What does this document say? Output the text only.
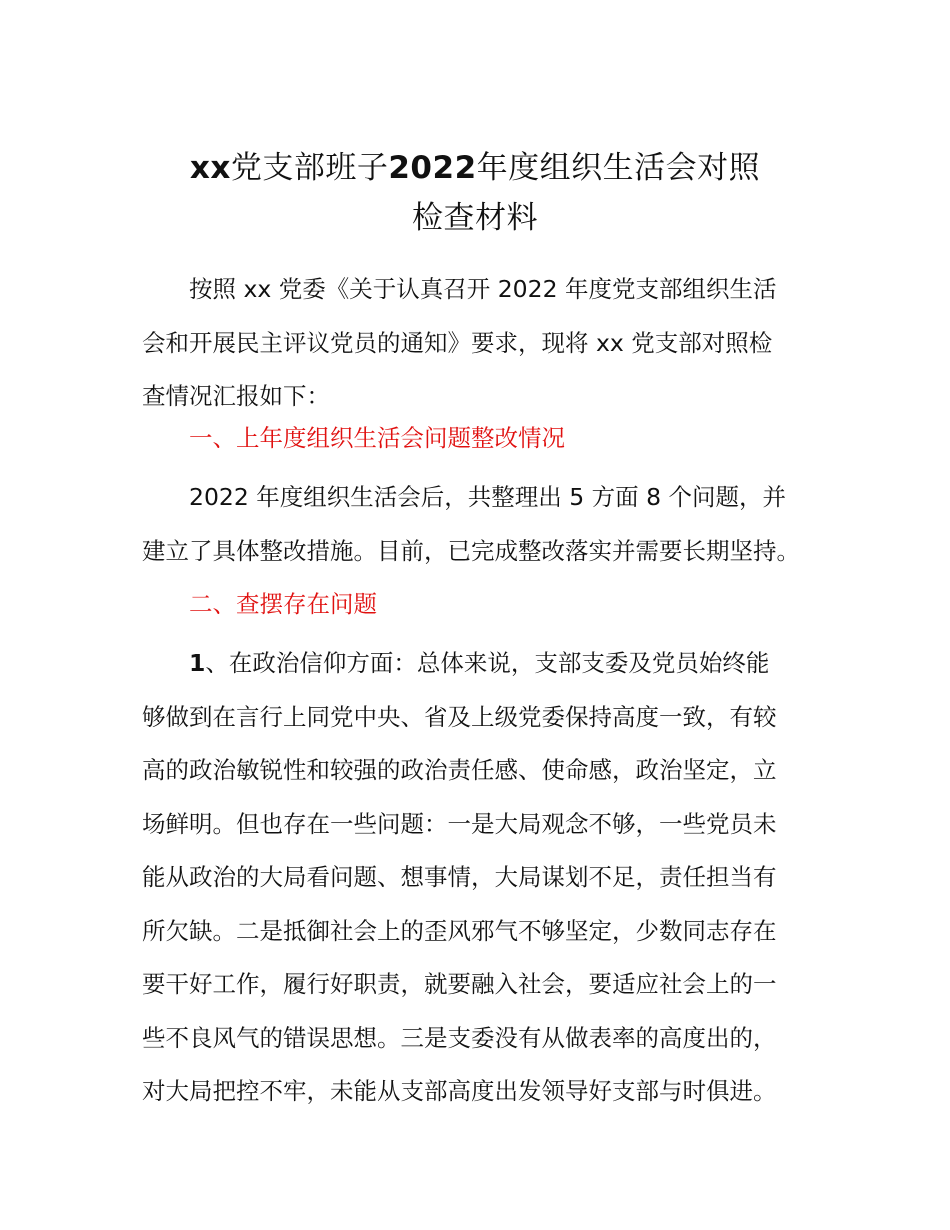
xx党支部班子2022年度组织生活会对照
检查材料
按照 xx 党委《关于认真召开 2022 年度党支部组织生活
会和开展民主评议党员的通知》要求，现将 xx 党支部对照检
查情况汇报如下：
一、上年度组织生活会问题整改情况
2022 年度组织生活会后，共整理出 5 方面 8 个问题，并
建立了具体整改措施。目前，已完成整改落实并需要长期坚持。
二、查摆存在问题
1、在政治信仰方面：总体来说，支部支委及党员始终能
够做到在言行上同党中央、省及上级党委保持高度一致，有较
高的政治敏锐性和较强的政治责任感、使命感，政治坚定，立
场鲜明。但也存在一些问题：一是大局观念不够，一些党员未
能从政治的大局看问题、想事情，大局谋划不足，责任担当有
所欠缺。二是抵御社会上的歪风邪气不够坚定，少数同志存在
要干好工作，履行好职责，就要融入社会，要适应社会上的一
些不良风气的错误思想。三是支委没有从做表率的高度出的，
对大局把控不牢，未能从支部高度出发领导好支部与时俱进。
